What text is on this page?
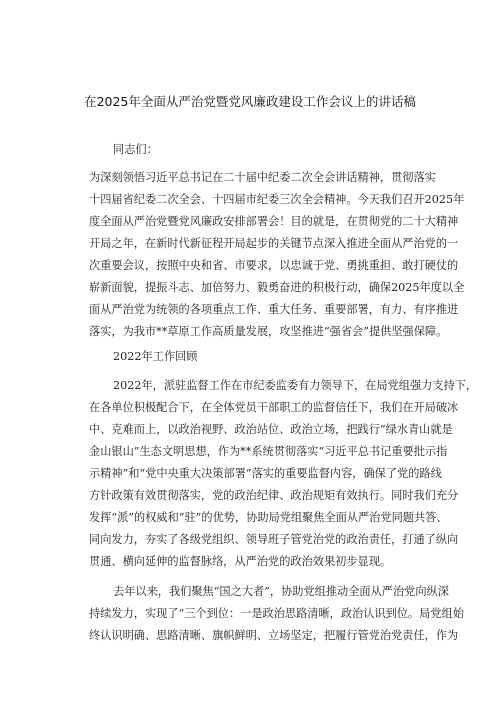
在2025年全面从严治党暨党风廉政建设工作会议上的讲话稿
同志们：
为深刻领悟习近平总书记在二十届中纪委二次全会讲话精神，贯彻落实
十四届省纪委二次全会、十四届市纪委三次全会精神。今天我们召开2025年
度全面从严治党暨党风廉政安排部署会！目的就是，在贯彻党的二十大精神
开局之年，在新时代新征程开局起步的关键节点深入推进全面从严治党的一
次重要会议，按照中央和省、市要求，以忠诚于党、勇挑重担、敢打硬仗的
崭新面貌，提振斗志、加倍努力、毅勇奋进的积极行动，确保2025年度以全
面从严治党为统领的各项重点工作、重大任务、重要部署，有力、有序推进
落实，为我市**草原工作高质量发展，攻坚推进“强省会”提供坚强保障。
2022年工作回顾
2022年，派驻监督工作在市纪委监委有力领导下，在局党组强力支持下，
在各单位积极配合下，在全体党员干部职工的监督信任下，我们在开局破冰
中、克难而上，以政治视野、政治站位、政治立场，把践行“绿水青山就是
金山银山”生态文明思想，作为**系统贯彻落实“习近平总书记重要批示指
示精神”和“党中央重大决策部署”落实的重要监督内容，确保了党的路线
方针政策有效贯彻落实，党的政治纪律、政治规矩有效执行。同时我们充分
发挥“派”的权威和“驻”的优势，协助局党组聚焦全面从严治党同题共答、
同向发力，夯实了各级党组织、领导班子管党治党的政治责任，打通了纵向
贯通、横向延伸的监督脉络，从严治党的政治效果初步显现。
去年以来，我们聚焦“国之大者”，协助党组推动全面从严治党向纵深
持续发力，实现了“三个到位：一是政治思路清晰，政治认识到位。局党组始
终认识明确、思路清晰、旗帜鲜明、立场坚定，把履行管党治党责任，作为
